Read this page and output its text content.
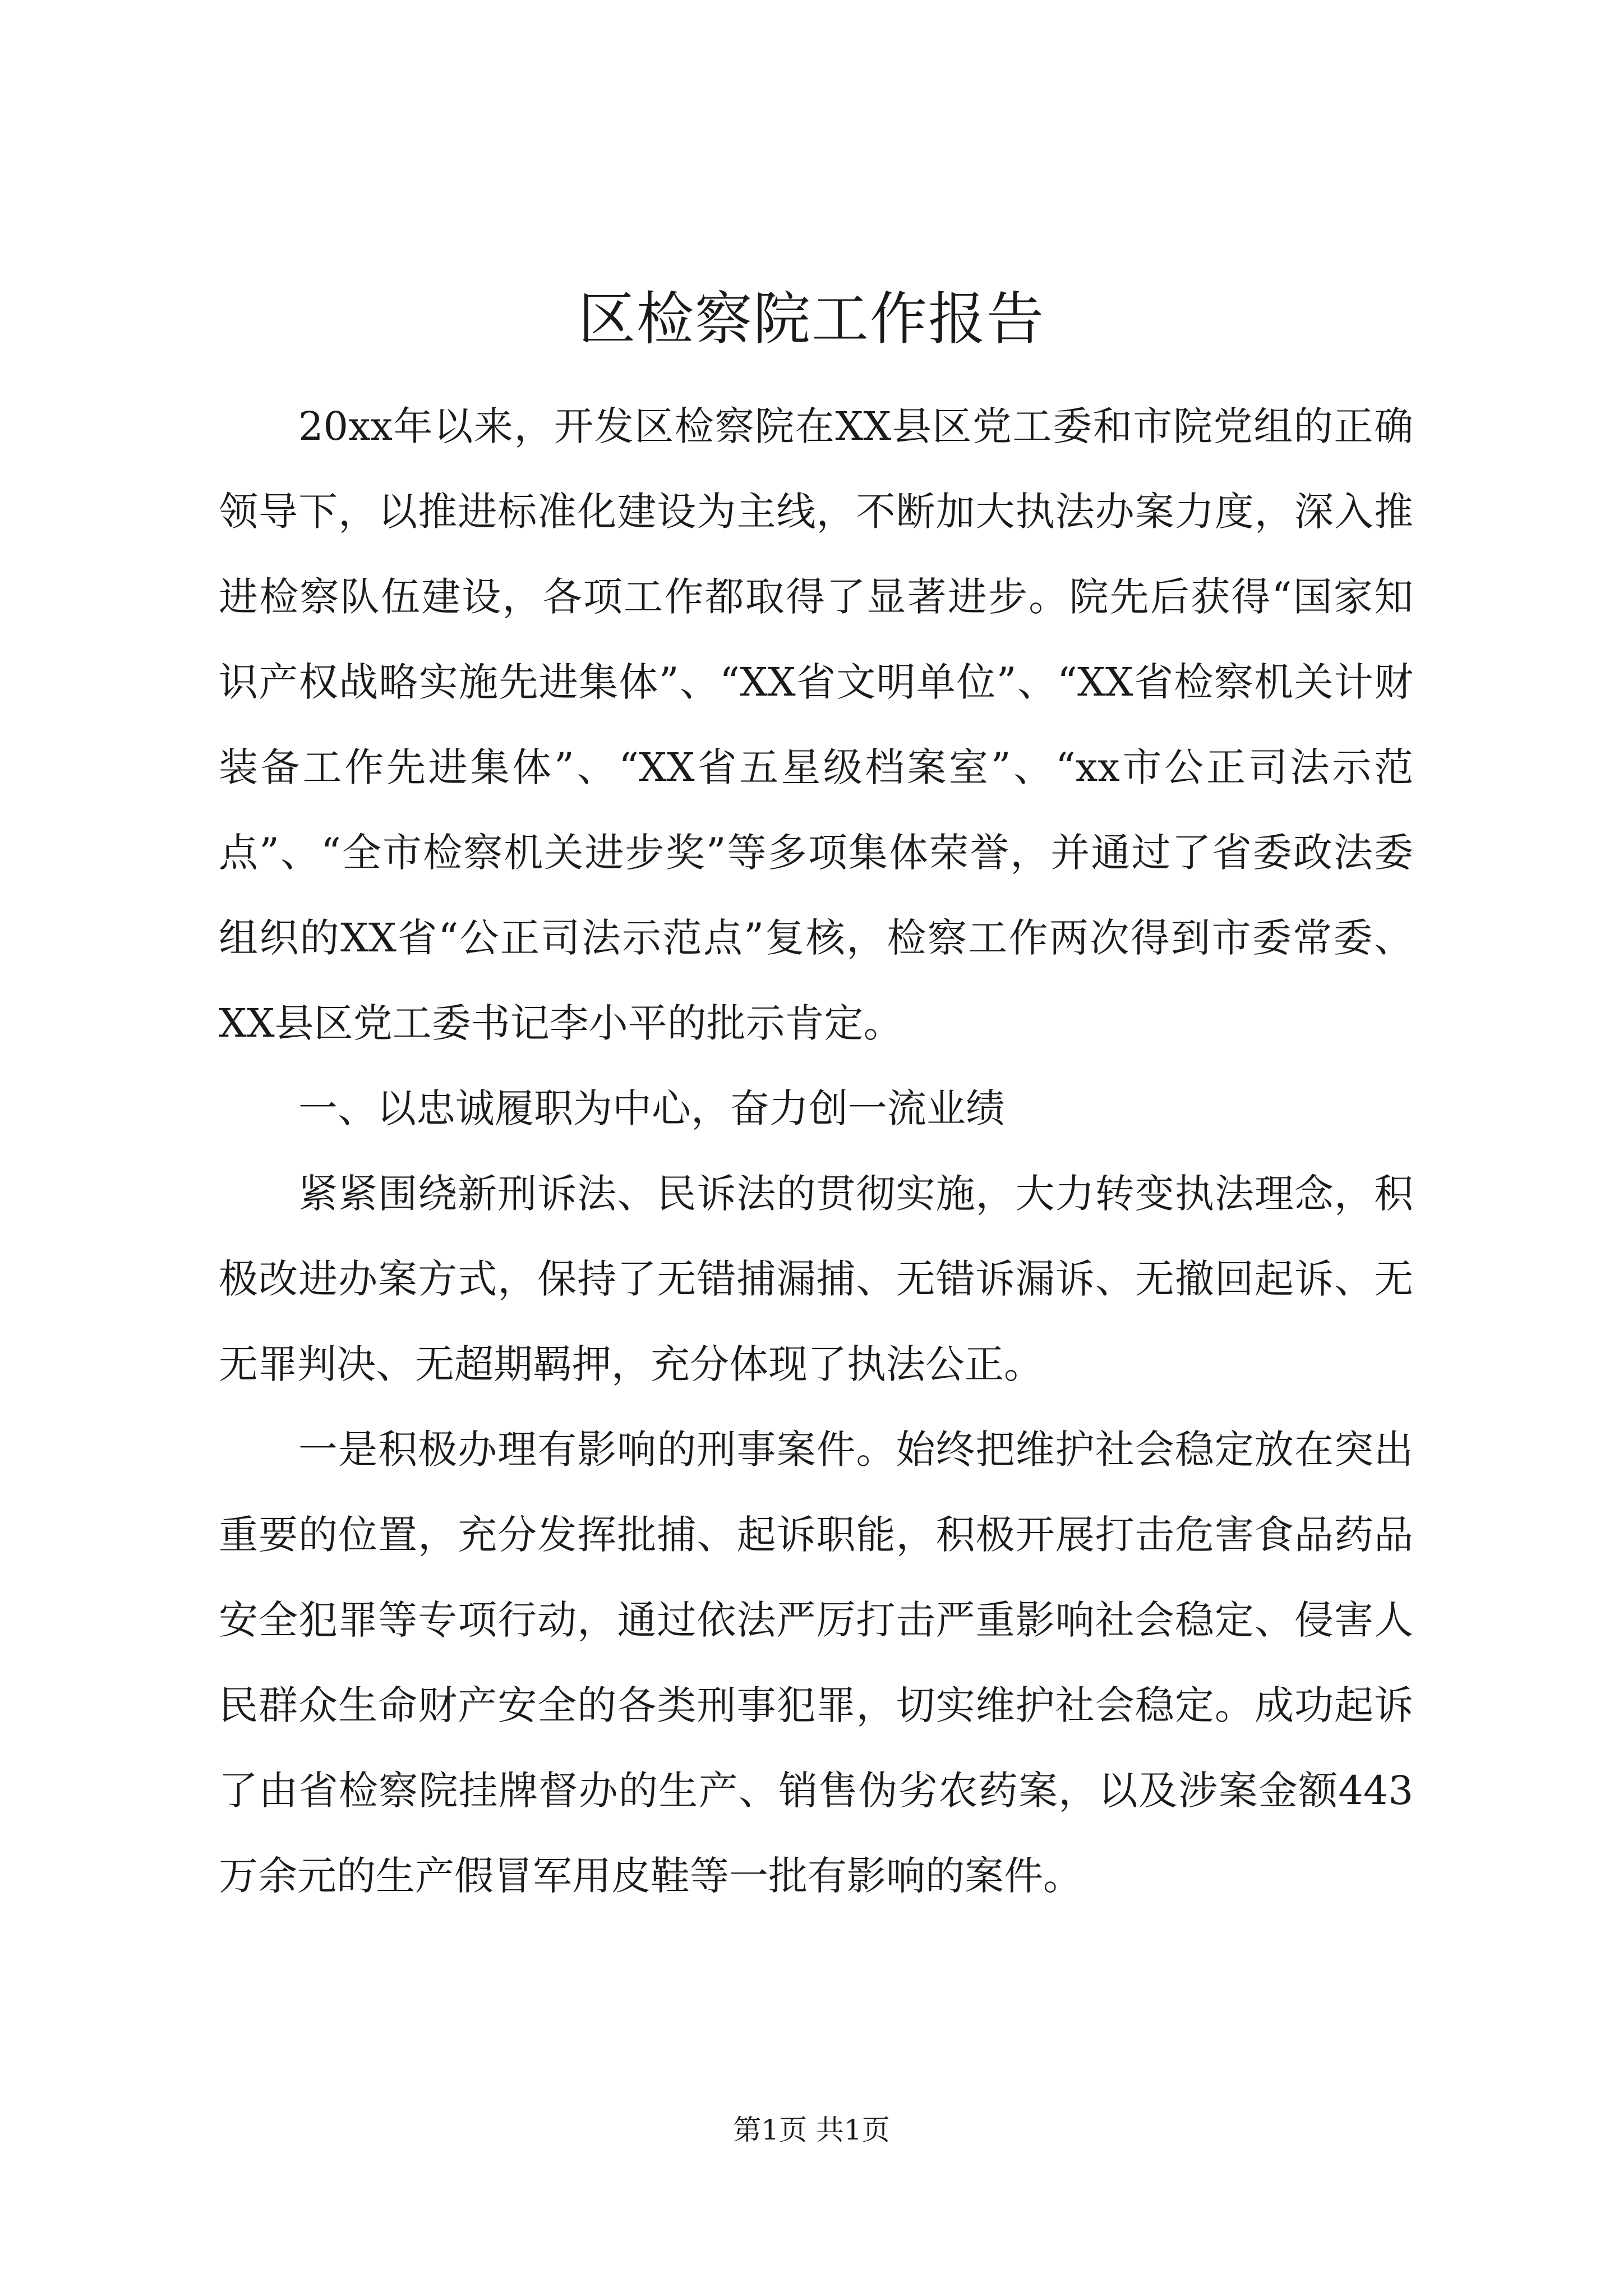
区检察院工作报告

20xx年以来，开发区检察院在XX县区党工委和市院党组的正确领导下，以推进标准化建设为主线，不断加大执法办案力度，深入推进检察队伍建设，各项工作都取得了显著进步。院先后获得“国家知识产权战略实施先进集体”、“XX省文明单位”、“XX省检察机关计财装备工作先进集体”、“XX省五星级档案室”、“xx市公正司法示范点”、“全市检察机关进步奖”等多项集体荣誉，并通过了省委政法委组织的XX省“公正司法示范点”复核，检察工作两次得到市委常委、XX县区党工委书记李小平的批示肯定。

一、以忠诚履职为中心，奋力创一流业绩

紧紧围绕新刑诉法、民诉法的贯彻实施，大力转变执法理念，积极改进办案方式，保持了无错捕漏捕、无错诉漏诉、无撤回起诉、无无罪判决、无超期羁押，充分体现了执法公正。

一是积极办理有影响的刑事案件。始终把维护社会稳定放在突出重要的位置，充分发挥批捕、起诉职能，积极开展打击危害食品药品安全犯罪等专项行动，通过依法严厉打击严重影响社会稳定、侵害人民群众生命财产安全的各类刑事犯罪，切实维护社会稳定。成功起诉了由省检察院挂牌督办的生产、销售伪劣农药案，以及涉案金额443万余元的生产假冒军用皮鞋等一批有影响的案件。

第1页 共1页
